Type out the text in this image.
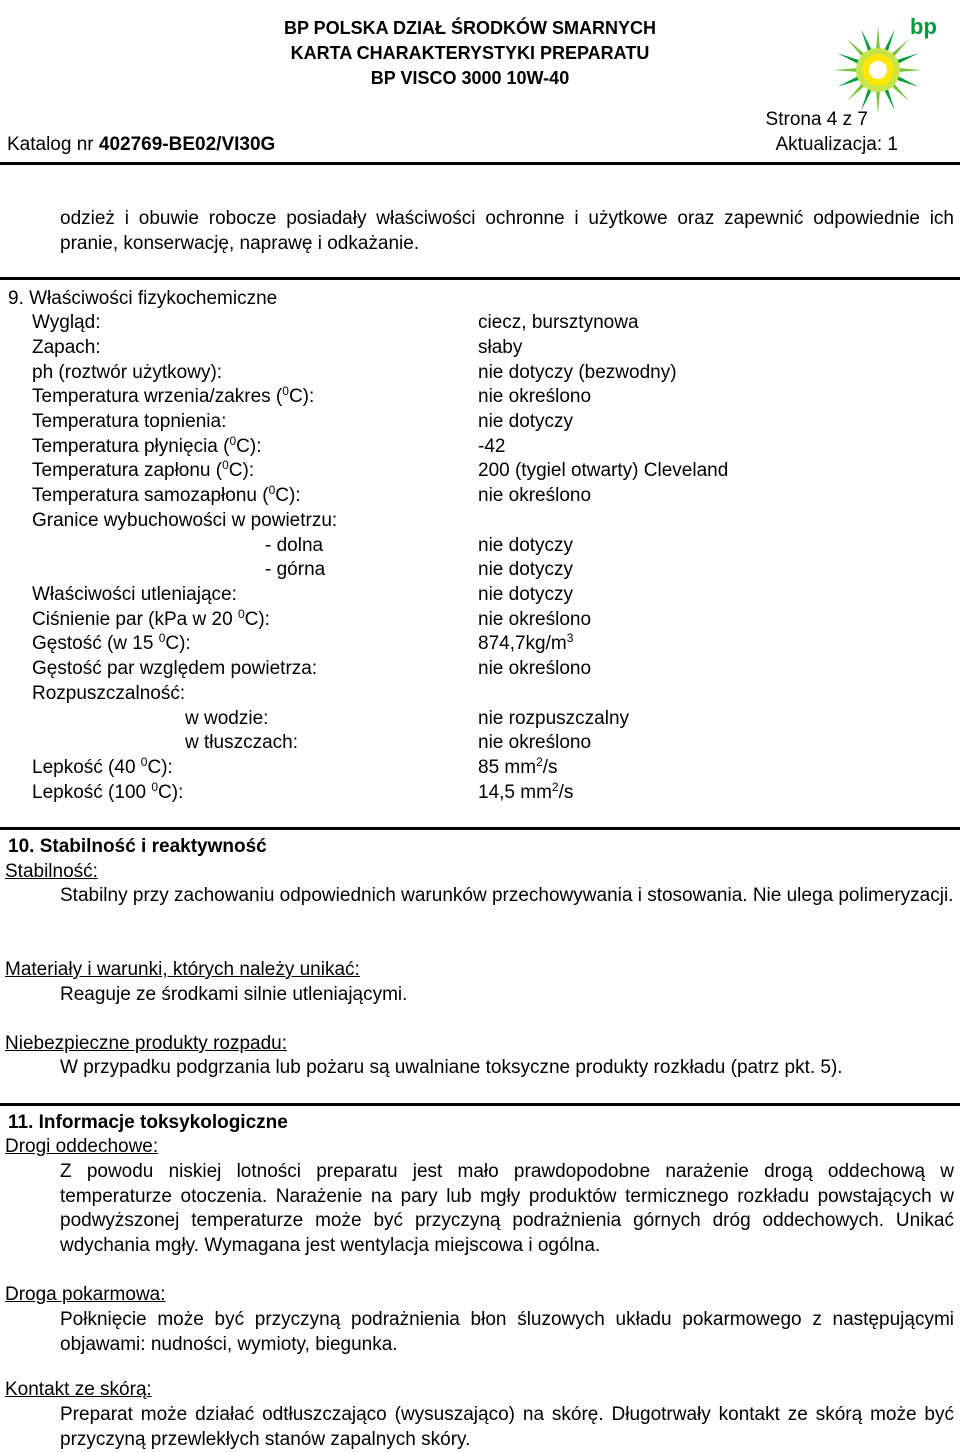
BP POLSKA DZIAŁ ŚRODKÓW SMARNYCH
KARTA CHARAKTERYSTYKI PREPARATU
BP VISCO 3000 10W-40
bp
Strona 4 z 7
Katalog nr 402769-BE02/VI30G	Aktualizacja: 1
odzież i obuwie robocze posiadały właściwości ochronne i użytkowe oraz zapewnić odpowiednie ich pranie, konserwację, naprawę i odkażanie.
9. Właściwości fizykochemiczne
Wygląd:	ciecz, bursztynowa
Zapach:	słaby
ph (roztwór użytkowy):	nie dotyczy (bezwodny)
Temperatura wrzenia/zakres ($^0$C):	nie określono
Temperatura topnienia:	nie dotyczy
Temperatura płynięcia ($^0$C):	-42
Temperatura zapłonu ($^0$C):	200 (tygiel otwarty) Cleveland
Temperatura samozapłonu ($^0$C):	nie określono
Granice wybuchowości w powietrzu:
- dolna	nie dotyczy
- górna	nie dotyczy
Właściwości utleniające:	nie dotyczy
Ciśnienie par (kPa w 20 $^0$C):	nie określono
Gęstość (w 15 $^0$C):	$874,7kg/m^3$
Gęstość par względem powietrza:	nie określono
Rozpuszczalność:
w wodzie:	nie rozpuszczalny
w tłuszczach:	nie określono
Lepkość (40 $^0$C):	85 $mm^2/s$
Lepkość (100 $^0$C):	14,5 $mm^2/s$
10. Stabilność i reaktywność
Stabilność:
Stabilny przy zachowaniu odpowiednich warunków przechowywania i stosowania. Nie ulega polimeryzacji.
Materiały i warunki, których należy unikać:
Reaguje ze środkami silnie utleniającymi.
Niebezpieczne produkty rozpadu:
W przypadku podgrzania lub pożaru są uwalniane toksyczne produkty rozkładu (patrz pkt. 5).
11. Informacje toksykologiczne
Drogi oddechowe:
Z powodu niskiej lotności preparatu jest mało prawdopodobne narażenie drogą oddechową w temperaturze otoczenia. Narażenie na pary lub mgły produktów termicznego rozkładu powstających w podwyższonej temperaturze może być przyczyną podrażnienia górnych dróg oddechowych. Unikać wdychania mgły. Wymagana jest wentylacja miejscowa i ogólna.
Droga pokarmowa:
Połknięcie może być przyczyną podrażnienia błon śluzowych układu pokarmowego z następującymi objawami: nudności, wymioty, biegunka.
Kontakt ze skórą:
Preparat może działać odtłuszczająco (wysuszająco) na skórę. Długotrwały kontakt ze skórą może być przyczyną przewlekłych stanów zapalnych skóry.
